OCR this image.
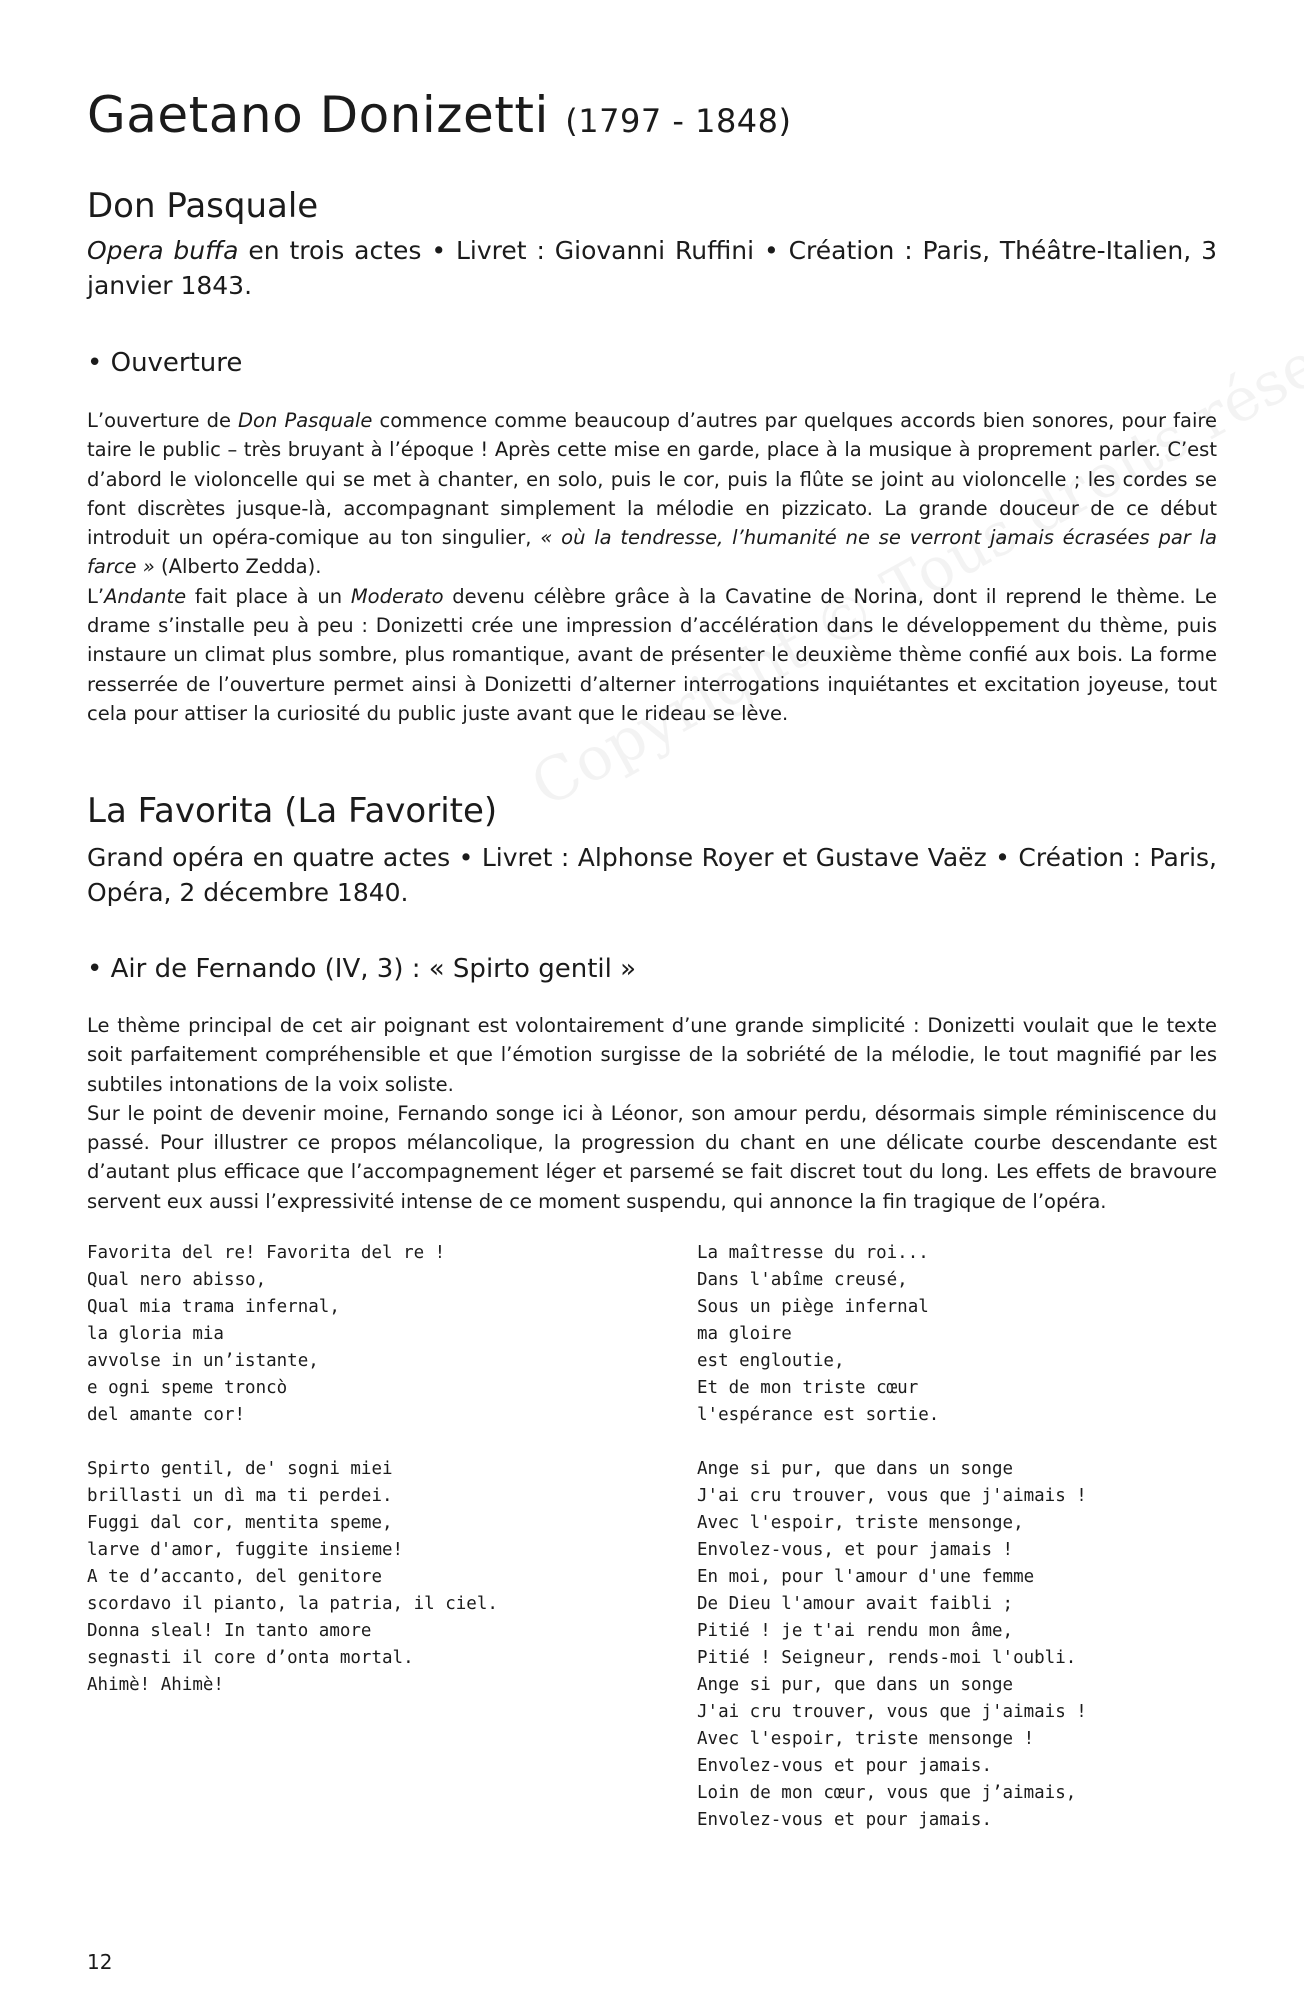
Gaetano Donizetti (1797 - 1848)
Don Pasquale

Opera buffa en trois actes • Livret : Giovanni Ruffini • Création : Paris, Théâtre-Italien, 3 janvier 1843.

• Ouverture

L’ouverture de Don Pasquale commence comme beaucoup d’autres par quelques accords bien sonores, pour faire taire le public – très bruyant à l’époque ! Après cette mise en garde, place à la musique à proprement parler. C’est d’abord le violoncelle qui se met à chanter, en solo, puis le cor, puis la flûte se joint au violoncelle ; les cordes se font discrètes jusque-là, accompagnant simplement la mélodie en pizzicato. La grande douceur de ce début introduit un opéra-comique au ton singulier, « où la tendresse, l’humanité ne se verront jamais écrasées par la farce » (Alberto Zedda).

L’Andante fait place à un Moderato devenu célèbre grâce à la Cavatine de Norina, dont il reprend le thème. Le drame s’installe peu à peu : Donizetti crée une impression d’accélération dans le développement du thème, puis instaure un climat plus sombre, plus romantique, avant de présenter le deuxième thème confié aux bois. La forme resserrée de l’ouverture permet ainsi à Donizetti d’alterner interrogations inquiétantes et excitation joyeuse, tout cela pour attiser la curiosité du public juste avant que le rideau se lève.

La Favorita (La Favorite)

Grand opéra en quatre actes • Livret : Alphonse Royer et Gustave Vaëz • Création : Paris, Opéra, 2 décembre 1840.

• Air de Fernando (IV, 3) : « Spirto gentil »

Le thème principal de cet air poignant est volontairement d’une grande simplicité : Donizetti voulait que le texte soit parfaitement compréhensible et que l’émotion surgisse de la sobriété de la mélodie, le tout magnifié par les subtiles intonations de la voix soliste.

Sur le point de devenir moine, Fernando songe ici à Léonor, son amour perdu, désormais simple réminiscence du passé. Pour illustrer ce propos mélancolique, la progression du chant en une délicate courbe descendante est d’autant plus efficace que l’accompagnement léger et parsemé se fait discret tout du long. Les effets de bravoure servent eux aussi l’expressivité intense de ce moment suspendu, qui annonce la fin tragique de l’opéra.

Favorita del re! Favorita del re !
Qual nero abisso,
Qual mia trama infernal,
la gloria mia
avvolse in un’istante,
e ogni speme troncò
del amante cor!
Spirto gentil, de' sogni miei
brillasti un dì ma ti perdei.
Fuggi dal cor, mentita speme,
larve d'amor, fuggite insieme!
A te d’accanto, del genitore
scordavo il pianto, la patria, il ciel.
Donna sleal! In tanto amore
segnasti il core d’onta mortal.
Ahimè! Ahimè!
La maîtresse du roi...
Dans l'abîme creusé,
Sous un piège infernal
ma gloire
est engloutie,
Et de mon triste cœur
l'espérance est sortie.
Ange si pur, que dans un songe
J'ai cru trouver, vous que j'aimais !
Avec l'espoir, triste mensonge,
Envolez-vous, et pour jamais !
En moi, pour l'amour d'une femme
De Dieu l'amour avait faibli ;
Pitié ! je t'ai rendu mon âme,
Pitié ! Seigneur, rends-moi l'oubli.
Ange si pur, que dans un songe
J'ai cru trouver, vous que j'aimais !
Avec l'espoir, triste mensonge !
Envolez-vous et pour jamais.
Loin de mon cœur, vous que j’aimais,
Envolez-vous et pour jamais.
12
